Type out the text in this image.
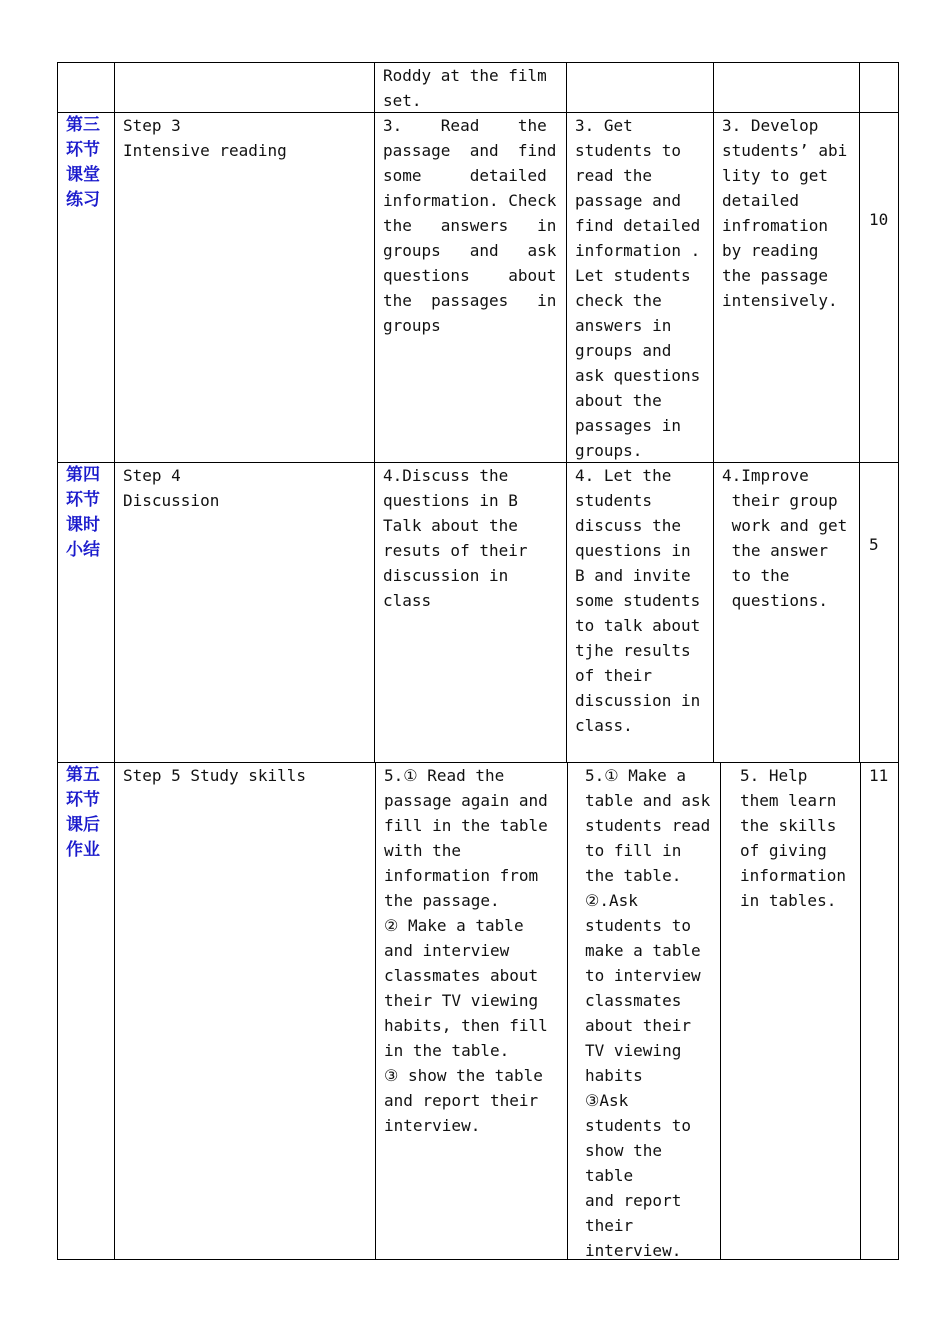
Roddy at the film
set.
第三
环节
课堂
练习
Step 3
Intensive reading
3.    Read    the
passage  and  find
some     detailed
information. Check
the   answers   in
groups   and   ask
questions    about
the  passages   in
groups
3. Get
students to
read the
passage and
find detailed
information .
Let students
check the
answers in
groups and
ask questions
about the
passages in
groups.
3. Develop
students’ abi
lity to get
detailed
infromation
by reading
the passage
intensively.
10
第四
环节
课时
小结
Step 4
Discussion
4.Discuss the
questions in B
Talk about the
resuts of their
discussion in
class
4. Let the
students
discuss the
questions in
B and invite
some students
to talk about
tjhe results
of their
discussion in
class.
4.Improve
their group
work and get
the answer
to the
questions.
5
第五
环节
课后
作业
Step 5 Study skills	5.① Read the
passage again and
fill in the table
with the
information from
the passage.
② Make a table
and interview
classmates about
their TV viewing
habits, then fill
in the table.
③ show the table
and report their
interview.
5.① Make a
table and ask
students read
to fill in
the table.
②.Ask
students to
make a table
to interview
classmates
about their
TV viewing
habits
③Ask
students to
show the
table
and report
their
interview.
5. Help
them learn
the skills
of giving
information
in tables.
11
